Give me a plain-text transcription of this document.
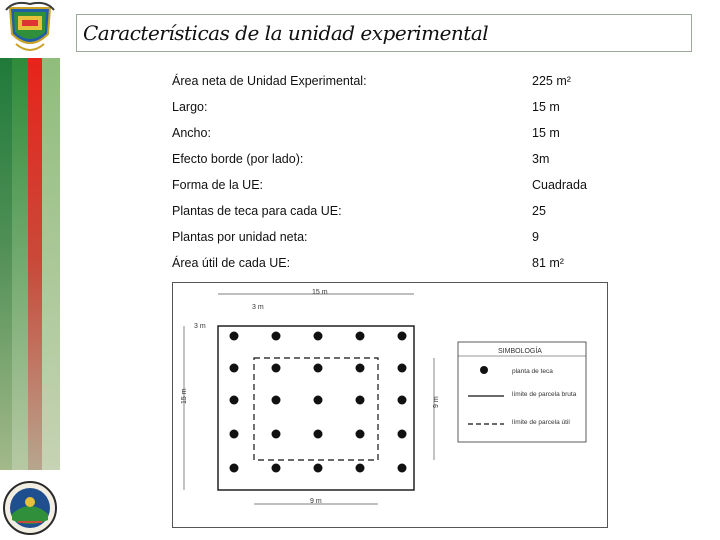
Características de la unidad experimental
Área neta de Unidad Experimental:	225 m²
Largo:	15 m
Ancho:	15 m
Efecto borde (por lado):	3m
Forma de la UE:	Cuadrada
Plantas de teca para cada UE:	25
Plantas por unidad neta:	9
Área útil de cada UE:	81 m²
15 m
9 m
3 m
3 m
15 m	9 m
SIMBOLOGÍA
planta de teca
límite de parcela bruta
límite de parcela útil
